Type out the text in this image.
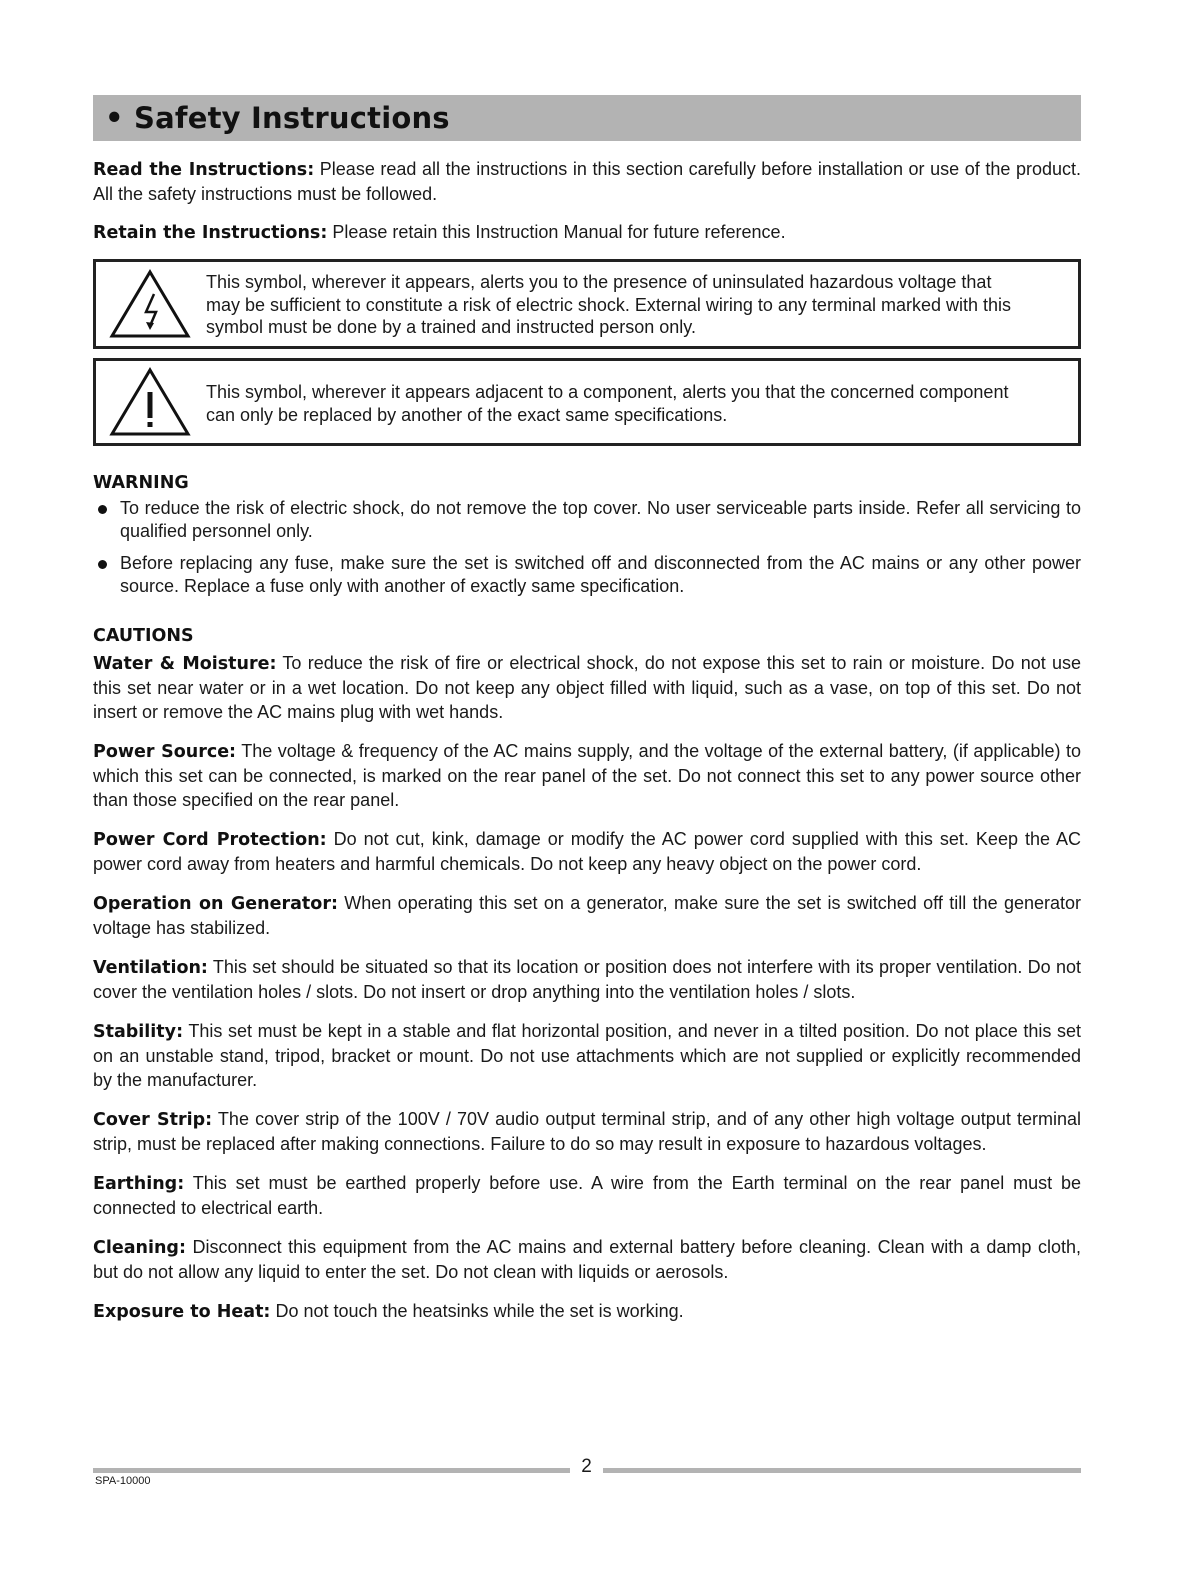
• Safety Instructions

Read the Instructions: Please read all the instructions in this section carefully before installation or use of the product. All the safety instructions must be followed.

Retain the Instructions: Please retain this Instruction Manual for future reference.

This symbol, wherever it appears, alerts you to the presence of uninsulated hazardous voltage that
may be sufficient to constitute a risk of electric shock. External wiring to any terminal marked with this
symbol must be done by a trained and instructed person only.
This symbol, wherever it appears adjacent to a component, alerts you that the concerned component
can only be replaced by another of the exact same specifications.
WARNING
To reduce the risk of electric shock, do not remove the top cover. No user serviceable parts inside. Refer all servicing to qualified personnel only.
Before replacing any fuse, make sure the set is switched off and disconnected from the AC mains or any other power source. Replace a fuse only with another of exactly same specification.
CAUTIONS

Water & Moisture: To reduce the risk of fire or electrical shock, do not expose this set to rain or moisture. Do not use this set near water or in a wet location. Do not keep any object filled with liquid, such as a vase, on top of this set. Do not insert or remove the AC mains plug with wet hands.

Power Source: The voltage & frequency of the AC mains supply, and the voltage of the external battery, (if applicable) to which this set can be connected, is marked on the rear panel of the set. Do not connect this set to any power source other than those specified on the rear panel.

Power Cord Protection: Do not cut, kink, damage or modify the AC power cord supplied with this set. Keep the AC power cord away from heaters and harmful chemicals. Do not keep any heavy object on the power cord.

Operation on Generator: When operating this set on a generator, make sure the set is switched off till the generator voltage has stabilized.

Ventilation: This set should be situated so that its location or position does not interfere with its proper ventilation. Do not cover the ventilation holes / slots. Do not insert or drop anything into the ventilation holes / slots.

Stability: This set must be kept in a stable and flat horizontal position, and never in a tilted position. Do not place this set on an unstable stand, tripod, bracket or mount. Do not use attachments which are not supplied or explicitly recommended by the manufacturer.

Cover Strip: The cover strip of the 100V / 70V audio output terminal strip, and of any other high voltage output terminal strip, must be replaced after making connections. Failure to do so may result in exposure to hazardous voltages.

Earthing: This set must be earthed properly before use. A wire from the Earth terminal on the rear panel must be connected to electrical earth.

Cleaning: Disconnect this equipment from the AC mains and external battery before cleaning. Clean with a damp cloth, but do not allow any liquid to enter the set. Do not clean with liquids or aerosols.

Exposure to Heat: Do not touch the heatsinks while the set is working.

2
SPA-10000
